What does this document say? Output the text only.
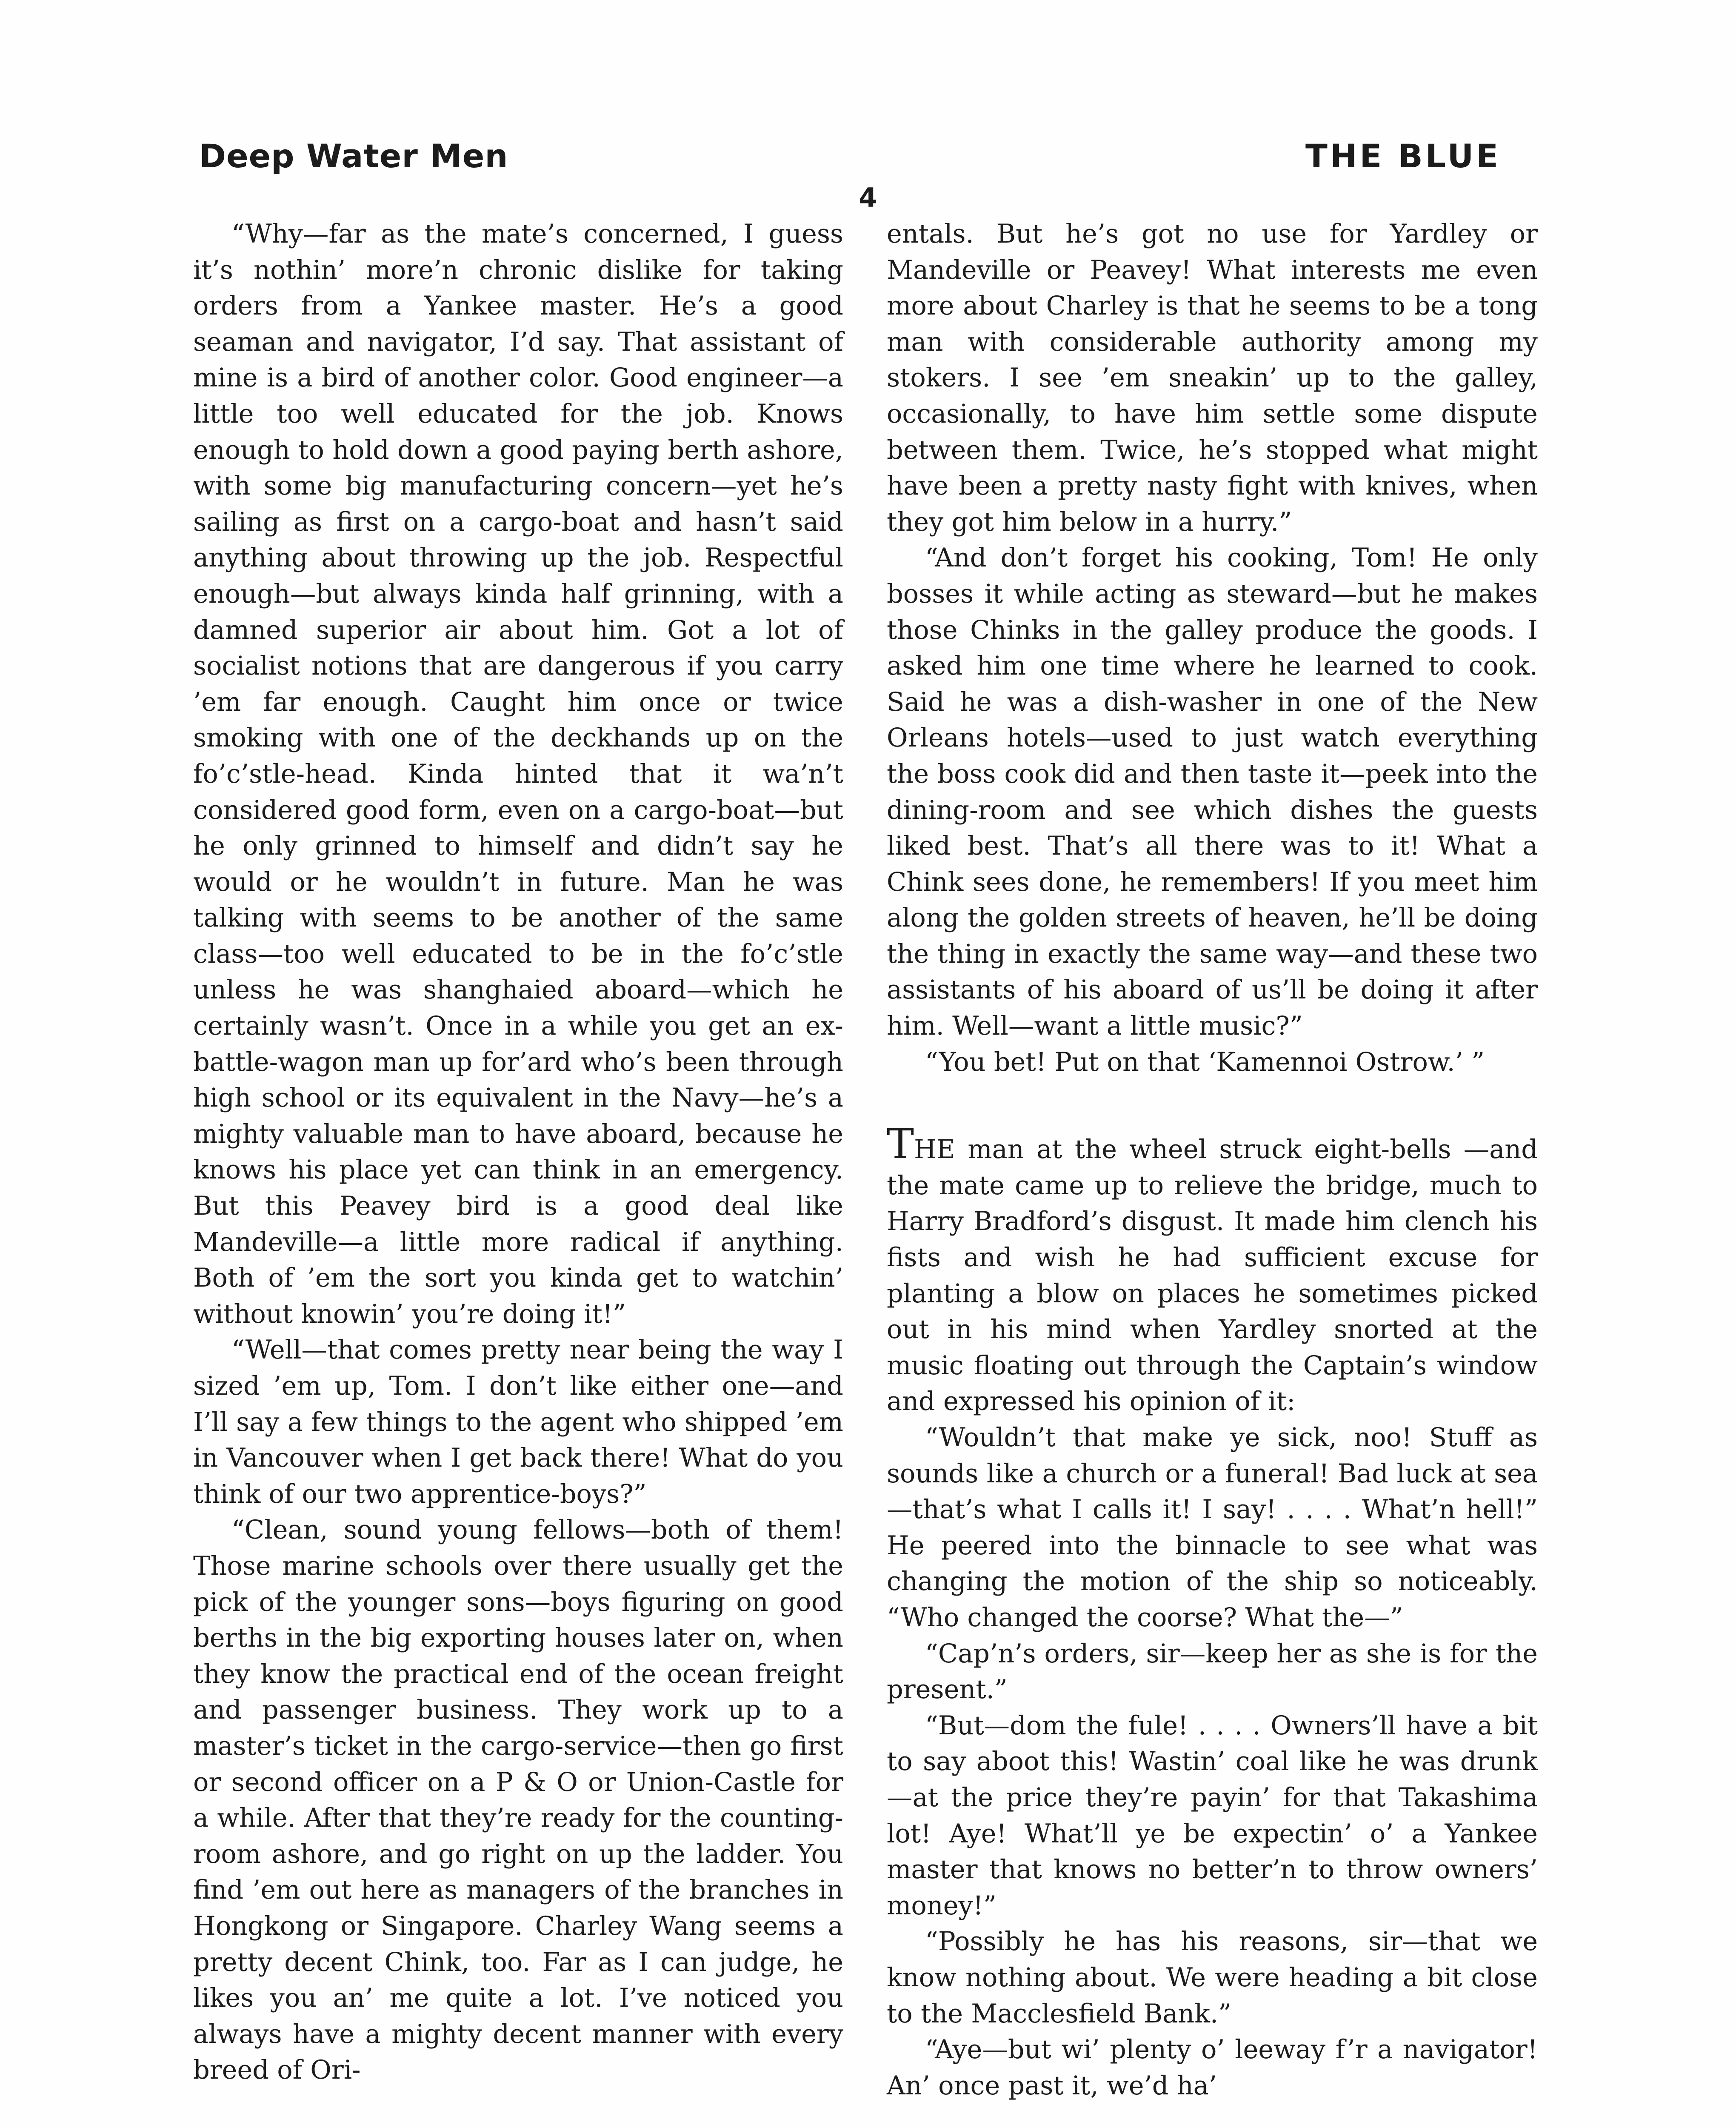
Deep Water Men	THE BLUE
4

“Why—far as the mate’s concerned, I guess it’s nothin’ more’n chronic dislike for taking orders from a Yankee master. He’s a good seaman and navigator, I’d say. That assistant of mine is a bird of another color. Good engineer—a little too well educated for the job. Knows enough to hold down a good paying berth ashore, with some big manufacturing concern—yet he’s sailing as first on a cargo-boat and hasn’t said anything about throwing up the job. Respectful enough—but always kinda half grinning, with a damned superior air about him. Got a lot of socialist notions that are dangerous if you carry ’em far enough. Caught him once or twice smoking with one of the deckhands up on the fo’c’stle-head. Kinda hinted that it wa’n’t considered good form, even on a cargo-boat—but he only grinned to himself and didn’t say he would or he wouldn’t in future. Man he was talking with seems to be another of the same class—too well educated to be in the fo’c’stle unless he was shanghaied aboard—which he certainly wasn’t. Once in a while you get an ex-battle-wagon man up for’ard who’s been through high school or its equivalent in the Navy—he’s a mighty valuable man to have aboard, because he knows his place yet can think in an emergency. But this Peavey bird is a good deal like Mandeville—a little more radical if anything. Both of ’em the sort you kinda get to watchin’ without knowin’ you’re doing it!”

“Well—that comes pretty near being the way I sized ’em up, Tom. I don’t like either one—and I’ll say a few things to the agent who shipped ’em in Vancouver when I get back there! What do you think of our two apprentice-boys?”

“Clean, sound young fellows—both of them! Those marine schools over there usually get the pick of the younger sons—boys figuring on good berths in the big exporting houses later on, when they know the practical end of the ocean freight and passenger business. They work up to a master’s ticket in the cargo-service—then go first or second officer on a P & O or Union-Castle for a while. After that they’re ready for the counting-room ashore, and go right on up the ladder. You find ’em out here as managers of the branches in Hongkong or Singapore. Charley Wang seems a pretty decent Chink, too. Far as I can judge, he likes you an’ me quite a lot. I’ve noticed you always have a mighty decent manner with every breed of Ori-

entals. But he’s got no use for Yardley or Mandeville or Peavey! What interests me even more about Charley is that he seems to be a tong man with considerable authority among my stokers. I see ’em sneakin’ up to the galley, occasionally, to have him settle some dispute between them. Twice, he’s stopped what might have been a pretty nasty fight with knives, when they got him below in a hurry.”

“And don’t forget his cooking, Tom! He only bosses it while acting as steward—but he makes those Chinks in the galley produce the goods. I asked him one time where he learned to cook. Said he was a dish-washer in one of the New Orleans hotels—used to just watch everything the boss cook did and then taste it—peek into the dining-room and see which dishes the guests liked best. That’s all there was to it! What a Chink sees done, he remembers! If you meet him along the golden streets of heaven, he’ll be doing the thing in exactly the same way—and these two assistants of his aboard of us’ll be doing it after him. Well—want a little music?”

“You bet! Put on that ‘Kamennoi Ostrow.’ ”

THE man at the wheel struck eight-bells —and the mate came up to relieve the bridge, much to Harry Bradford’s disgust. It made him clench his fists and wish he had sufficient excuse for planting a blow on places he sometimes picked out in his mind when Yardley snorted at the music floating out through the Captain’s window and expressed his opinion of it:

“Wouldn’t that make ye sick, noo! Stuff as sounds like a church or a funeral! Bad luck at sea—that’s what I calls it! I say! . . . . What’n hell!” He peered into the binnacle to see what was changing the motion of the ship so noticeably. “Who changed the coorse? What the—”

“Cap’n’s orders, sir—keep her as she is for the present.”

“But—dom the fule! . . . . Owners’ll have a bit to say aboot this! Wastin’ coal like he was drunk—at the price they’re payin’ for that Takashima lot! Aye! What’ll ye be expectin’ o’ a Yankee master that knows no better’n to throw owners’ money!”

“Possibly he has his reasons, sir—that we know nothing about. We were heading a bit close to the Macclesfield Bank.”

“Aye—but wi’ plenty o’ leeway f’r a navigator! An’ once past it, we’d ha’
